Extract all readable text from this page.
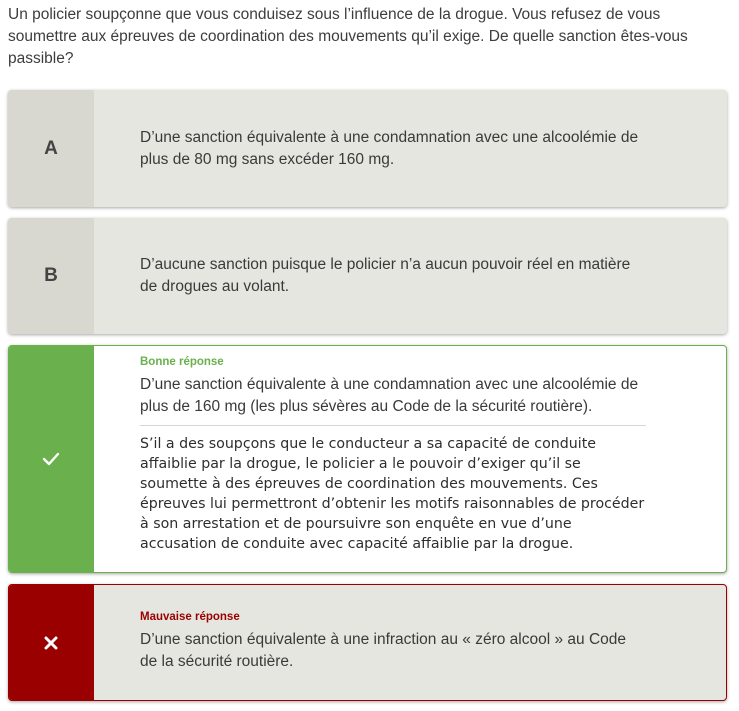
Un policier soupçonne que vous conduisez sous l’influence de la drogue. Vous refusez de vous soumettre aux épreuves de coordination des mouvements qu’il exige. De quelle sanction êtes-vous passible?

A
D’une sanction équivalente à une condamnation avec une alcoolémie de plus de 80 mg sans excéder 160 mg.
B
D’aucune sanction puisque le policier n’a aucun pouvoir réel en matière de drogues au volant.
Bonne réponse
D’une sanction équivalente à une condamnation avec une alcoolémie de plus de 160 mg (les plus sévères au Code de la sécurité routière).
S’il a des soupçons que le conducteur a sa capacité de conduite affaiblie par la drogue, le policier a le pouvoir d’exiger qu’il se soumette à des épreuves de coordination des mouvements. Ces épreuves lui permettront d’obtenir les motifs raisonnables de procéder à son arrestation et de poursuivre son enquête en vue d’une accusation de conduite avec capacité affaiblie par la drogue.
Mauvaise réponse
D’une sanction équivalente à une infraction au « zéro alcool » au Code de la sécurité routière.
